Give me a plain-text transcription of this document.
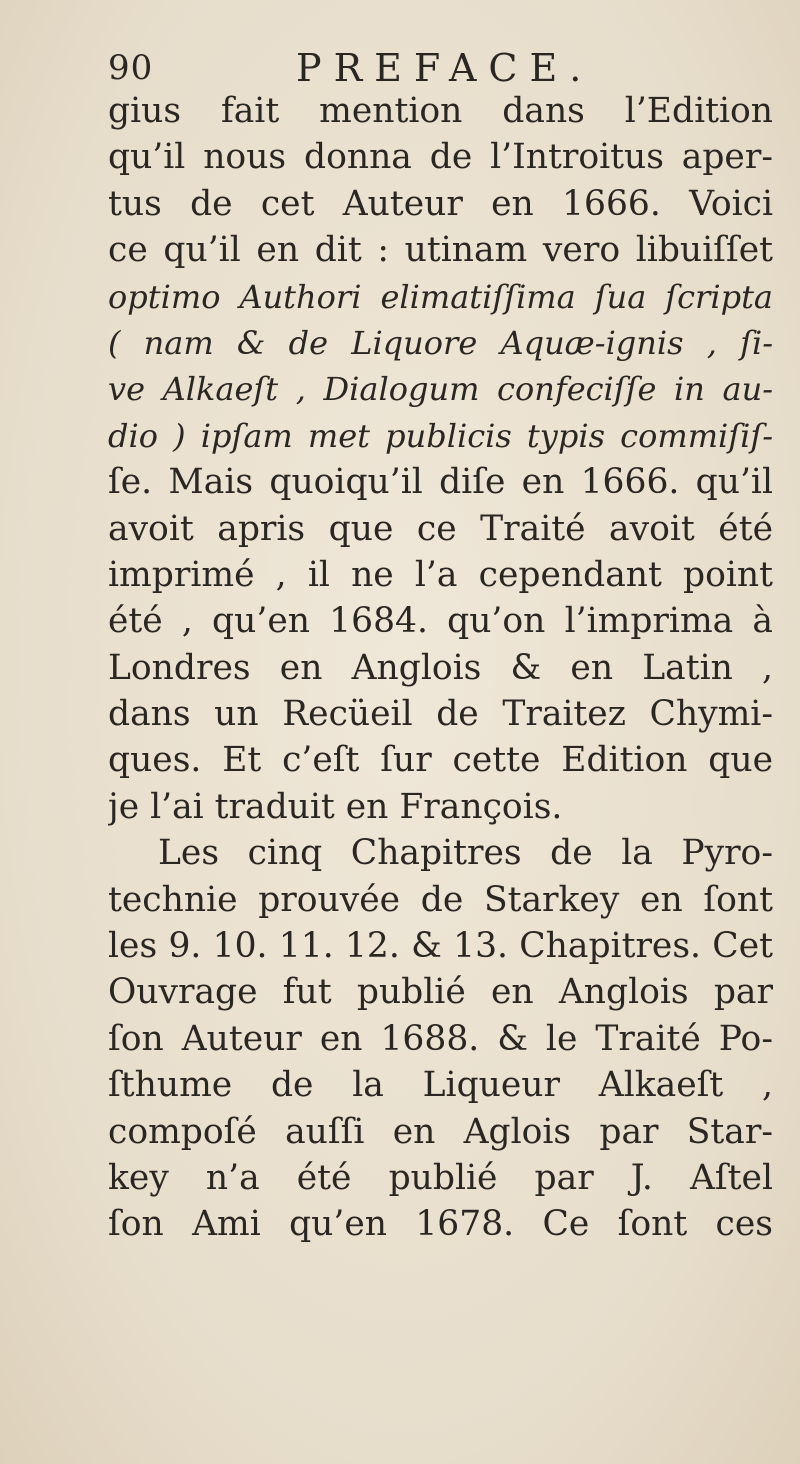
90	PREFACE.
gius fait mention dans l’Edition
qu’il nous donna de l’Introitus aper-
tus de cet Auteur en 1666. Voici
ce qu’il en dit : utinam vero libuiſſet
optimo Authori elimatiſſima ſua ſcripta
( nam & de Liquore Aquæ-ignis , ſi-
ve Alkaeſt , Dialogum confeciſſe in au-
dio ) ipſam met publicis typis commiſiſ-
ſe. Mais quoiqu’il diſe en 1666. qu’il
avoit apris que ce Traité avoit été
imprimé , il ne l’a cependant point
été , qu’en 1684. qu’on l’imprima à
Londres en Anglois & en Latin ,
dans un Recüeil de Traitez Chymi-
ques. Et c’eſt ſur cette Edition que
je l’ai traduit en François.
Les cinq Chapitres de la Pyro-
technie prouvée de Starkey en ſont
les 9. 10. 11. 12. & 13. Chapitres. Cet
Ouvrage fut publié en Anglois par
ſon Auteur en 1688. & le Traité Po-
ſthume de la Liqueur Alkaeſt ,
compoſé auſſi en Aglois par Star-
key n’a été publié par J. Aſtel
ſon Ami qu’en 1678. Ce ſont ces
